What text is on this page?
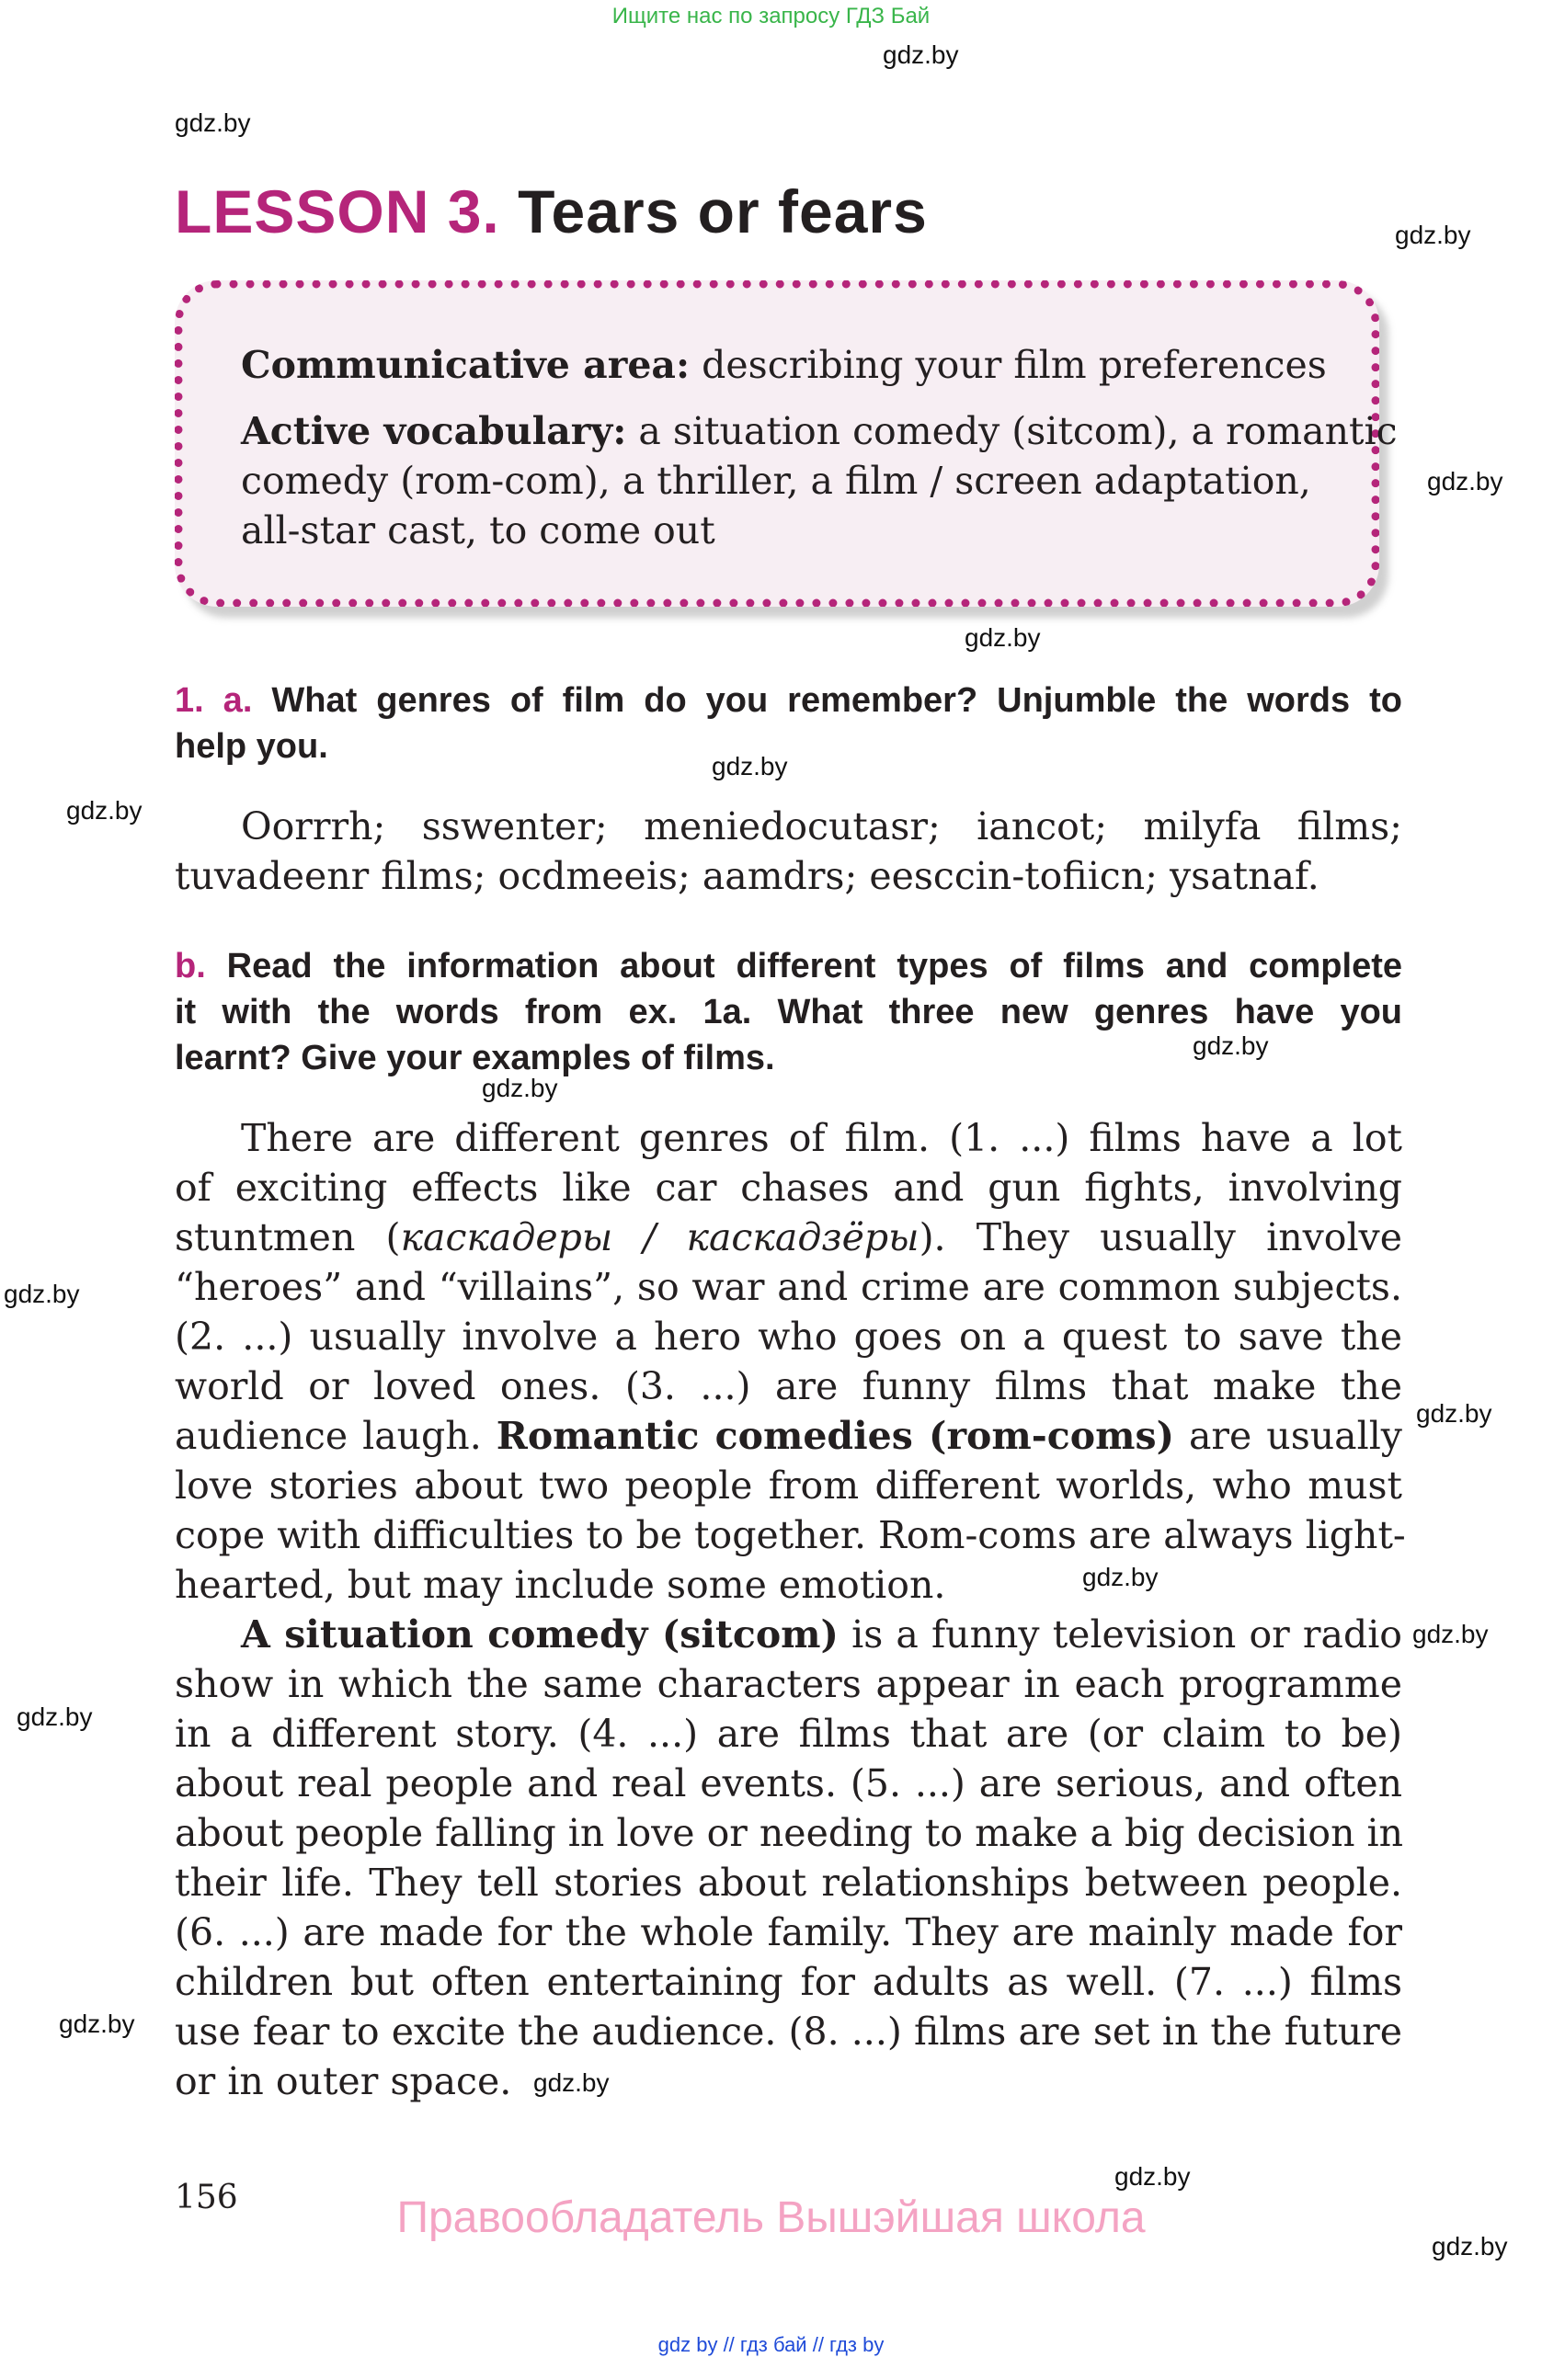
Ищите нас по запросу ГДЗ Бай
gdz.by
gdz.by
gdz.by
gdz.by
gdz.by
gdz.by
gdz.by
gdz.by
gdz.by
gdz.by
gdz.by
gdz.by
gdz.by
gdz.by
gdz.by
gdz.by
gdz.by
gdz.by
LESSON 3. Tears or fears
Communicative area: describing your film preferences
Active vocabulary: a situation comedy (sitcom), a romantic
comedy (rom-com), a thriller, a film / screen adaptation,
all-star cast, to come out
1. a. What genres of film do you remember? Unjumble the words to
help you.
Oorrrh; sswenter; meniedocutasr; iancot; milyfa films;
tuvadeenr films; ocdmeeis; aamdrs; eesccin-tofiicn; ysatnaf.
b. Read the information about different types of films and complete
it with the words from ex. 1a. What three new genres have you
learnt? Give your examples of films.
There are different genres of film. (1. ...) films have a lot
of exciting effects like car chases and gun fights, involving
stuntmen (каскадеры / каскадзёры). They usually involve
“heroes” and “villains”, so war and crime are common subjects.
(2. ...) usually involve a hero who goes on a quest to save the
world or loved ones. (3. ...) are funny films that make the
audience laugh. Romantic comedies (rom-coms) are usually
love stories about two people from different worlds, who must
cope with difficulties to be together. Rom-coms are always light-
hearted, but may include some emotion.
A situation comedy (sitcom) is a funny television or radio
show in which the same characters appear in each programme
in a different story. (4. ...) are films that are (or claim to be)
about real people and real events. (5. ...) are serious, and often
about people falling in love or needing to make a big decision in
their life. They tell stories about relationships between people.
(6. ...) are made for the whole family. They are mainly made for
children but often entertaining for adults as well. (7. ...) films
use fear to excite the audience. (8. ...) films are set in the future
or in outer space.
156	Правообладатель Вышэйшая школа
gdz by // гдз бай // гдз by
